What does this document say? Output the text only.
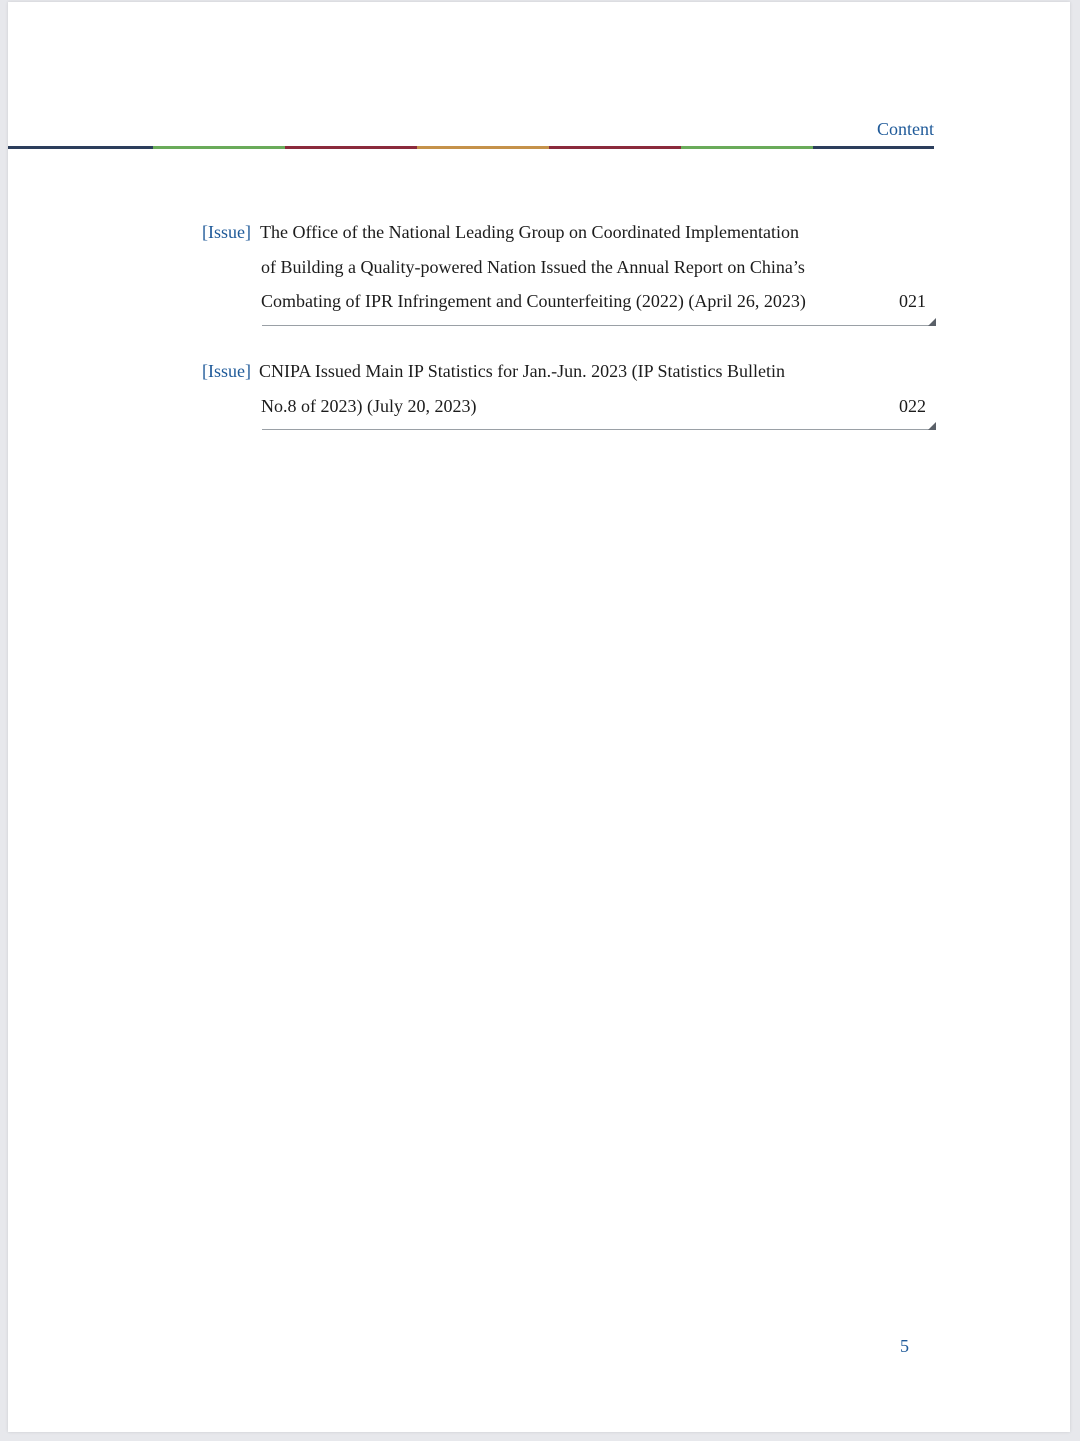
Content
[Issue] The Office of the National Leading Group on Coordinated Implementation
of Building a Quality-powered Nation Issued the Annual Report on China’s
Combating of IPR Infringement and Counterfeiting (2022) (April 26, 2023)	021
[Issue] CNIPA Issued Main IP Statistics for Jan.-Jun. 2023 (IP Statistics Bulletin
No.8 of 2023) (July 20, 2023)	022
5
